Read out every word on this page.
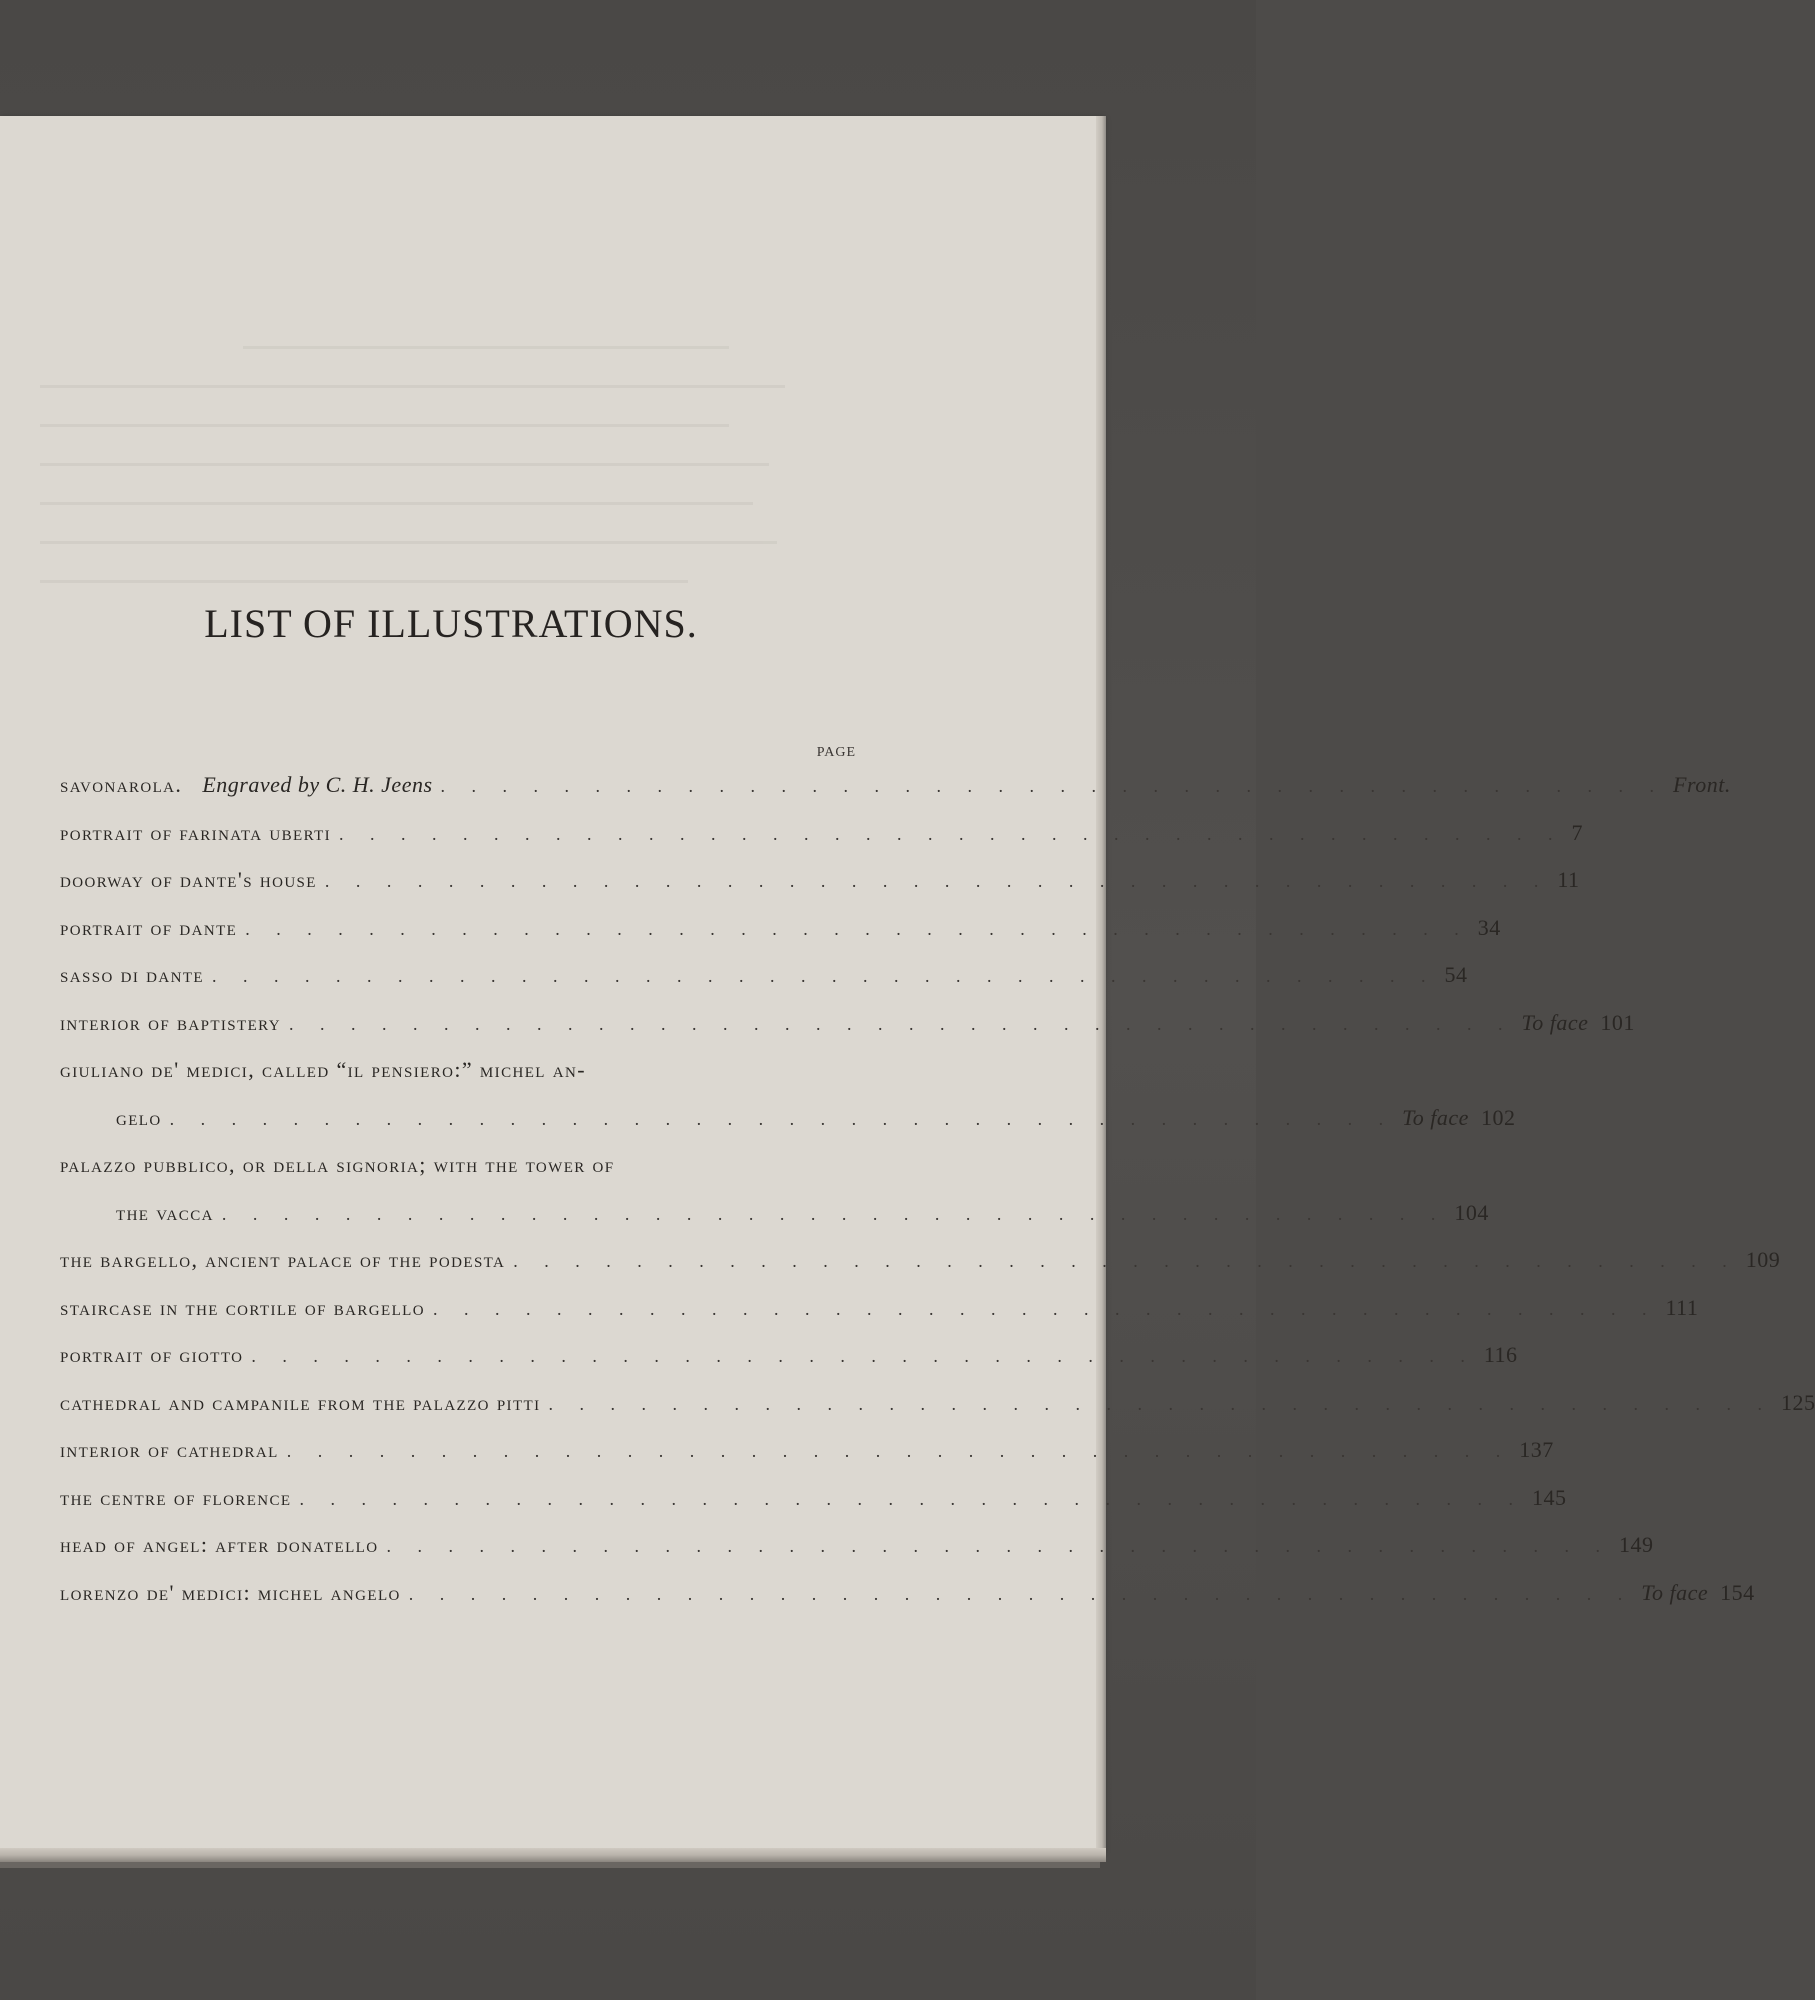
LIST OF ILLUSTRATIONS.
PAGE
savonarola. Engraved by C. H. Jeens . . . . . . . . . . . . . . . . . . . . . . . . . . . . . . . . . . . . . . . . Front.
portrait of farinata uberti . . . . . . . . . . . . . . . . . . . . . . . . . . . . . . . . . . . . . . . . 7
doorway of dante's house . . . . . . . . . . . . . . . . . . . . . . . . . . . . . . . . . . . . . . . . 11
portrait of dante . . . . . . . . . . . . . . . . . . . . . . . . . . . . . . . . . . . . . . . . 34
sasso di dante . . . . . . . . . . . . . . . . . . . . . . . . . . . . . . . . . . . . . . . . 54
interior of baptistery . . . . . . . . . . . . . . . . . . . . . . . . . . . . . . . . . . . . . . . . To face 101
giuliano de' medici, called “il pensiero:” michel an-
gelo . . . . . . . . . . . . . . . . . . . . . . . . . . . . . . . . . . . . . . . . To face 102
palazzo pubblico, or della signoria; with the tower of
the vacca . . . . . . . . . . . . . . . . . . . . . . . . . . . . . . . . . . . . . . . . 104
the bargello, ancient palace of the podesta . . . . . . . . . . . . . . . . . . . . . . . . . . . . . . . . . . . . . . . . 109
staircase in the cortile of bargello . . . . . . . . . . . . . . . . . . . . . . . . . . . . . . . . . . . . . . . . 111
portrait of giotto . . . . . . . . . . . . . . . . . . . . . . . . . . . . . . . . . . . . . . . . 116
cathedral and campanile from the palazzo pitti . . . . . . . . . . . . . . . . . . . . . . . . . . . . . . . . . . . . . . . . 125
interior of cathedral . . . . . . . . . . . . . . . . . . . . . . . . . . . . . . . . . . . . . . . . 137
the centre of florence . . . . . . . . . . . . . . . . . . . . . . . . . . . . . . . . . . . . . . . . 145
head of angel: after donatello . . . . . . . . . . . . . . . . . . . . . . . . . . . . . . . . . . . . . . . . 149
lorenzo de' medici: michel angelo . . . . . . . . . . . . . . . . . . . . . . . . . . . . . . . . . . . . . . . . To face 154
